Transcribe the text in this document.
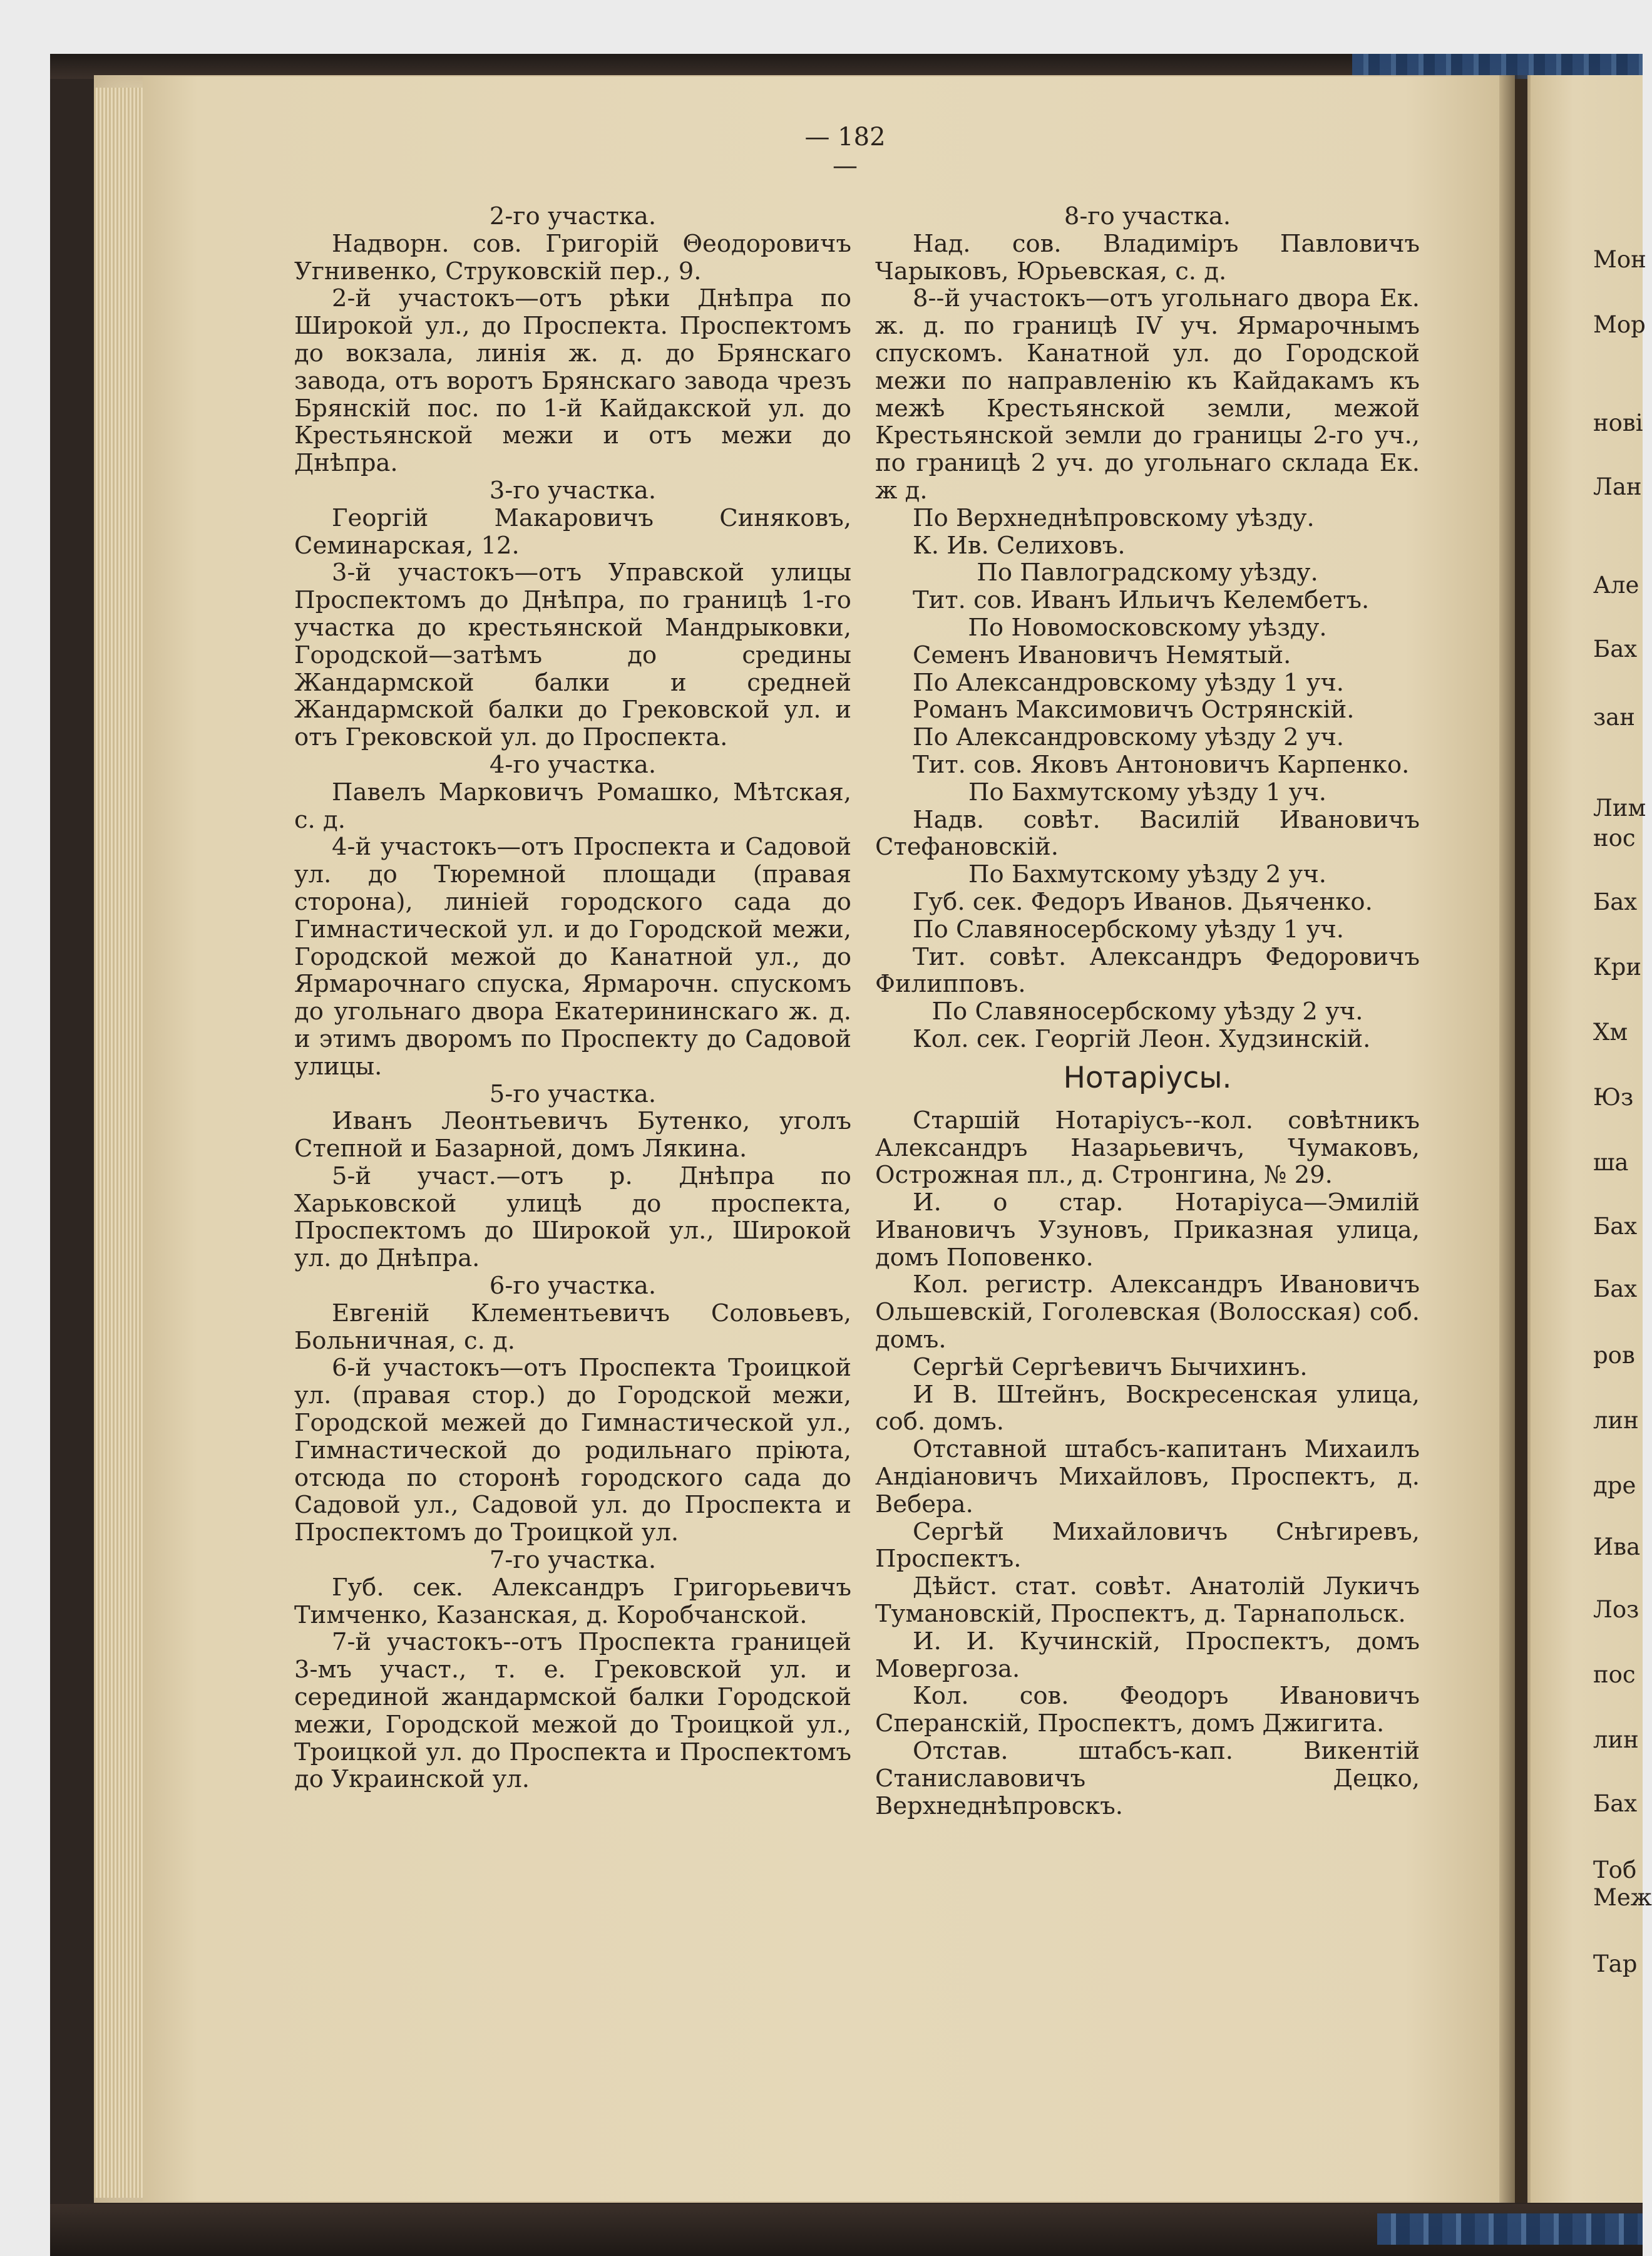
— 182 —

2-го участка.

Надворн. сов. Григорій Θеодоровичъ Угнивенко, Струковскій пер., 9.

2-й участокъ—отъ рѣки Днѣпра по Широкой ул., до Проспекта. Проспектомъ до вокзала, линія ж. д. до Брянскаго завода, отъ воротъ Брянскаго завода чрезъ Брянскій пос. по 1-й Кайдакской ул. до Крестьянской межи и отъ межи до Днѣпра.

3-го участка.

Георгій Макаровичъ Синяковъ, Семинарская, 12.

3-й участокъ—отъ Управской улицы Проспектомъ до Днѣпра, по границѣ 1-го участка до крестьянской Мандрыковки, Городской—затѣмъ до средины Жандармской балки и средней Жандармской балки до Грековской ул. и отъ Грековской ул. до Проспекта.

4-го участка.

Павелъ Марковичъ Ромашко, Мѣтская, с. д.

4-й участокъ—отъ Проспекта и Садовой ул. до Тюремной площади (правая сторона), линіей городского сада до Гимнастической ул. и до Городской межи, Городской межой до Канатной ул., до Ярмарочнаго спуска, Ярмарочн. спускомъ до угольнаго двора Екатерининскаго ж. д. и этимъ дворомъ по Проспекту до Садовой улицы.

5-го участка.

Иванъ Леонтьевичъ Бутенко, уголъ Степной и Базарной, домъ Лякина.

5-й участ.—отъ р. Днѣпра по Харьковской улицѣ до проспекта, Проспектомъ до Широкой ул., Широкой ул. до Днѣпра.

6-го участка.

Евгеній Клементьевичъ Соловьевъ, Больничная, с. д.

6-й участокъ—отъ Проспекта Троицкой ул. (правая стор.) до Городской межи, Городской межей до Гимнастической ул., Гимнастической до родильнаго пріюта, отсюда по сторонѣ городского сада до Садовой ул., Садовой ул. до Проспекта и Проспектомъ до Троицкой ул.

7-го участка.

Губ. сек. Александръ Григорьевичъ Тимченко, Казанская, д. Коробчанской.

7-й участокъ--отъ Проспекта границей 3-мъ участ., т. е. Грековской ул. и серединой жандармской балки Городской межи, Городской межой до Троицкой ул., Троицкой ул. до Проспекта и Проспектомъ до Украинской ул.

8-го участка.

Над. сов. Владиміръ Павловичъ Чарыковъ, Юрьевская, с. д.

8--й участокъ—отъ угольнаго двора Ек. ж. д. по границѣ IV уч. Ярмарочнымъ спускомъ. Канатной ул. до Городской межи по направленію къ Кайдакамъ къ межѣ Крестьянской земли, межой Крестьянской земли до границы 2-го уч., по границѣ 2 уч. до угольнаго склада Ек. ж д.

По Верхнеднѣпровскому уѣзду.

К. Ив. Селиховъ.

По Павлоградскому уѣзду.

Тит. сов. Иванъ Ильичъ Келембетъ.

По Новомосковскому уѣзду.

Семенъ Ивановичъ Немятый.

По Александровскому уѣзду 1 уч.

Романъ Максимовичъ Острянскій.

По Александровскому уѣзду 2 уч.

Тит. сов. Яковъ Антоновичъ Карпенко.

По Бахмутскому уѣзду 1 уч.

Надв. совѣт. Василій Ивановичъ Стефановскій.

По Бахмутскому уѣзду 2 уч.

Губ. сек. Федоръ Иванов. Дьяченко.

По Славяносербскому уѣзду 1 уч.

Тит. совѣт. Александръ Федоровичъ Филипповъ.

По Славяносербскому уѣзду 2 уч.

Кол. сек. Георгій Леон. Худзинскій.

Нотаріусы.

Старшій Нотаріусъ--кол. совѣтникъ Александръ Назарьевичъ, Чумаковъ, Острожная пл., д. Стронгина, № 29.

И. о стар. Нотаріуса—Эмилій Ивановичъ Узуновъ, Приказная улица, домъ Поповенко.

Кол. регистр. Александръ Ивановичъ Ольшевскій, Гоголевская (Волосская) соб. домъ.

Сергѣй Сергѣевичъ Бычихинъ.

И В. Штейнъ, Воскресенская улица, соб. домъ.

Отставной штабсъ-капитанъ Михаилъ Андіановичъ Михайловъ, Проспектъ, д. Вебера.

Сергѣй Михайловичъ Снѣгиревъ, Проспектъ.

Дѣйст. стат. совѣт. Анатолій Лукичъ Тумановскій, Проспектъ, д. Тарнапольск.

И. И. Кучинскій, Проспектъ, домъ Мовергоза.

Кол. сов. Феодоръ Ивановичъ Сперанскій, Проспектъ, домъ Джигита.

Отстав. штабсъ-кап. Викентій Станиславовичъ Децко, Верхнеднѣпровскъ.

Мон
Мор
нові
Лан
Але
Бах
зан
Лим
нос
Бах
Кри
Хм
Юз
ша
Бах
Бах
ров
лин
дре
Ива
Лоз
пос
лин
Бах
Тоб
Меж
Тар
